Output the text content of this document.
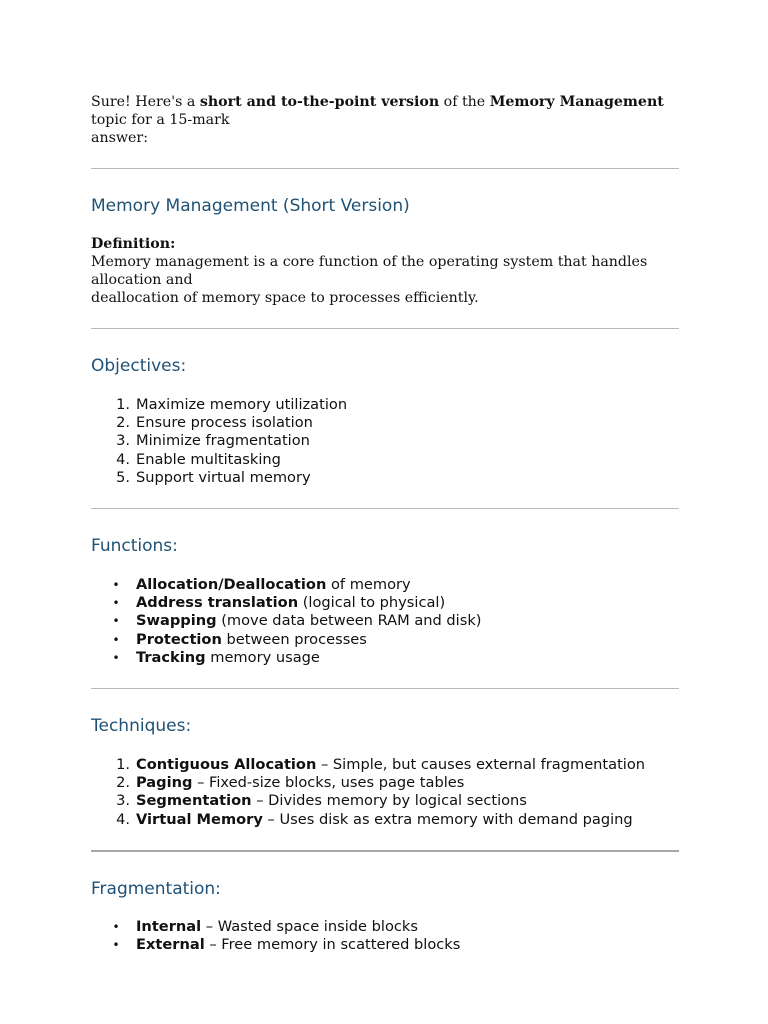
Sure! Here's a short and to-the-point version of the Memory Management topic for a 15-mark
answer:

Memory Management (Short Version)

Definition:

Memory management is a core function of the operating system that handles allocation and
deallocation of memory space to processes efficiently.

Objectives:
1. Maximize memory utilization
2. Ensure process isolation
3. Minimize fragmentation
4. Enable multitasking
5. Support virtual memory
Functions:
• Allocation/Deallocation of memory
• Address translation (logical to physical)
• Swapping (move data between RAM and disk)
• Protection between processes
• Tracking memory usage
Techniques:
1. Contiguous Allocation – Simple, but causes external fragmentation
2. Paging – Fixed-size blocks, uses page tables
3. Segmentation – Divides memory by logical sections
4. Virtual Memory – Uses disk as extra memory with demand paging
Fragmentation:
• Internal – Wasted space inside blocks
• External – Free memory in scattered blocks
